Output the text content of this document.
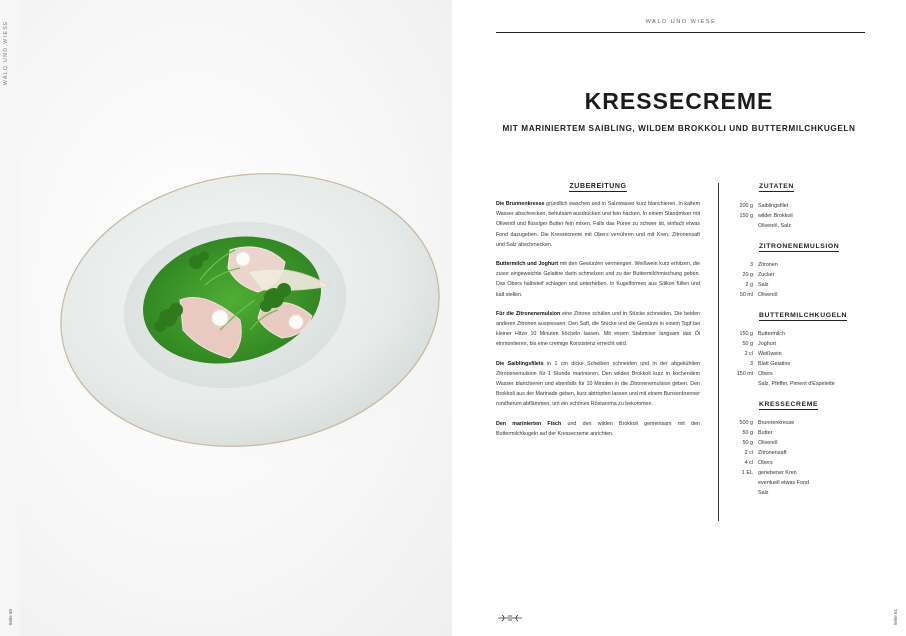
WALD UND WIESE
Seite 60
WALD UND WIESE
KRESSECREME
MIT MARINIERTEM SAIBLING, WILDEM BROKKOLI UND BUTTERMILCHKUGELN
ZUBEREITUNG
Die Brunnenkresse gründlich waschen und in Salzwasser kurz blanchieren. In kaltem Wasser abschrecken, behutsam ausdrücken und fein hacken. In einem Standmixer mit Olivenöl und flüssiger Butter fein mixen. Falls das Püree zu schwer ist, einfach etwas Fond dazugeben. Die Kressecreme mit Obers verrühren und mit Kren, Zitronensaft und Salz abschmecken.
Buttermilch und Joghurt mit den Gewürzen vermengen. Weißwein kurz erhitzen, die zuvor eingeweichte Gelatine darin schmelzen und zu der Buttermilchmischung geben. Das Obers halbsteif schlagen und unterheben. In Kugelformen aus Silikon füllen und kalt stellen.
Für die Zitronenemulsion eine Zitrone schälen und in Stücke schneiden. Die beiden anderen Zitronen auspressen. Den Saft, die Stücke und die Gewürze in einem Topf bei kleiner Hitze 10 Minuten köcheln lassen. Mit einem Stabmixer langsam das Öl einmontieren, bis eine cremige Konsistenz erreicht wird.
Die Saiblingsfilets in 1 cm dicke Scheiben schneiden und in der abgekühlten Zitronenemulsion für 1 Stunde marinieren. Den wilden Brokkoli kurz in kochendem Wasser blanchieren und ebenfalls für 10 Minuten in die Zitronenemulsion geben. Den Brokkoli aus der Marinade geben, kurz abtropfen lassen und mit einem Bunsenbrenner rundherum abflämmen, um ein schönes Röstaroma zu bekommen.
Den marinierten Fisch und den wilden Brokkoli gemeinsam mit den Buttermilchkugeln auf der Kressecreme anrichten.
ZUTATEN
200 g Saiblingsfilet
150 g wilder Brokkoli
Olivenöl, Salz
ZITRONENEMULSION
3 Zitronen
20 g Zucker
2 g Salz
50 ml Olivenöl
BUTTERMILCHKUGELN
150 g Buttermilch
50 g Joghurt
2 cl Weißwein
3 Blatt Gelatine
150 ml Obers
Salz, Pfeffer, Piment d'Espelette
KRESSECREME
500 g Brunnenkresse
50 g Butter
50 g Olivenöl
2 cl Zitronensaft
4 cl Obers
1 EL geriebener Kren
eventuell etwas Fond
Salz
Seite 61
